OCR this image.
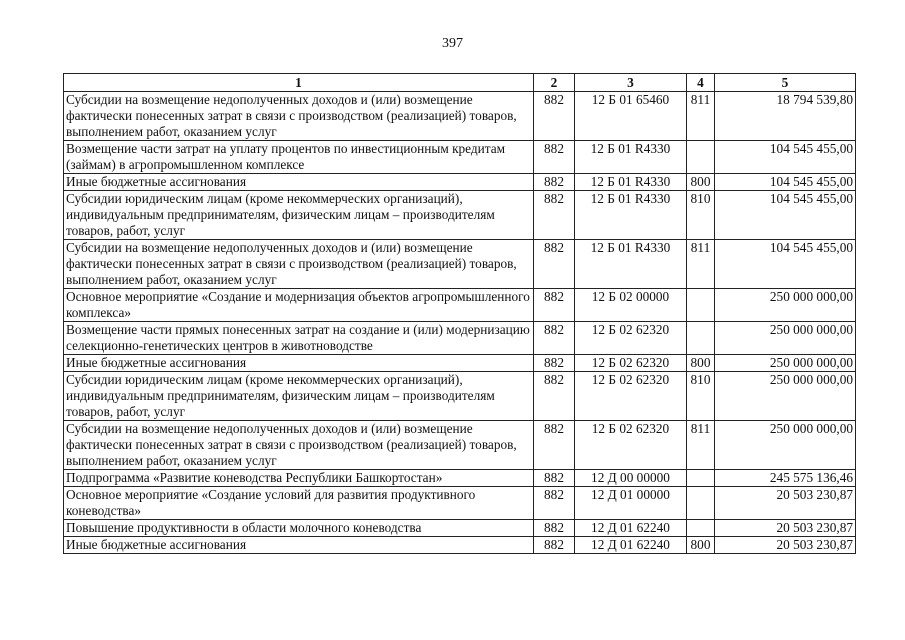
397
1	2	3	4	5
Субсидии на возмещение недополученных доходов и (или) возмещение фактически понесенных затрат в связи с производством (реализацией) товаров, выполнением работ, оказанием услуг	882	12 Б 01 65460	811	18 794 539,80
Возмещение части затрат на уплату процентов по инвестиционным кредитам (займам) в агропромышленном комплексе	882	12 Б 01 R4330		104 545 455,00
Иные бюджетные ассигнования	882	12 Б 01 R4330	800	104 545 455,00
Субсидии юридическим лицам (кроме некоммерческих организаций), индивидуальным предпринимателям, физическим лицам – производителям товаров, работ, услуг	882	12 Б 01 R4330	810	104 545 455,00
Субсидии на возмещение недополученных доходов и (или) возмещение фактически понесенных затрат в связи с производством (реализацией) товаров, выполнением работ, оказанием услуг	882	12 Б 01 R4330	811	104 545 455,00
Основное мероприятие «Создание и модернизация объектов агропромышленного комплекса»	882	12 Б 02 00000		250 000 000,00
Возмещение части прямых понесенных затрат на создание и (или) модернизацию селекционно-генетических центров в животноводстве	882	12 Б 02 62320		250 000 000,00
Иные бюджетные ассигнования	882	12 Б 02 62320	800	250 000 000,00
Субсидии юридическим лицам (кроме некоммерческих организаций), индивидуальным предпринимателям, физическим лицам – производителям товаров, работ, услуг	882	12 Б 02 62320	810	250 000 000,00
Субсидии на возмещение недополученных доходов и (или) возмещение фактически понесенных затрат в связи с производством (реализацией) товаров, выполнением работ, оказанием услуг	882	12 Б 02 62320	811	250 000 000,00
Подпрограмма «Развитие коневодства Республики Башкортостан»	882	12 Д 00 00000		245 575 136,46
Основное мероприятие «Создание условий для развития продуктивного коневодства»	882	12 Д 01 00000		20 503 230,87
Повышение продуктивности в области молочного коневодства	882	12 Д 01 62240		20 503 230,87
Иные бюджетные ассигнования	882	12 Д 01 62240	800	20 503 230,87
